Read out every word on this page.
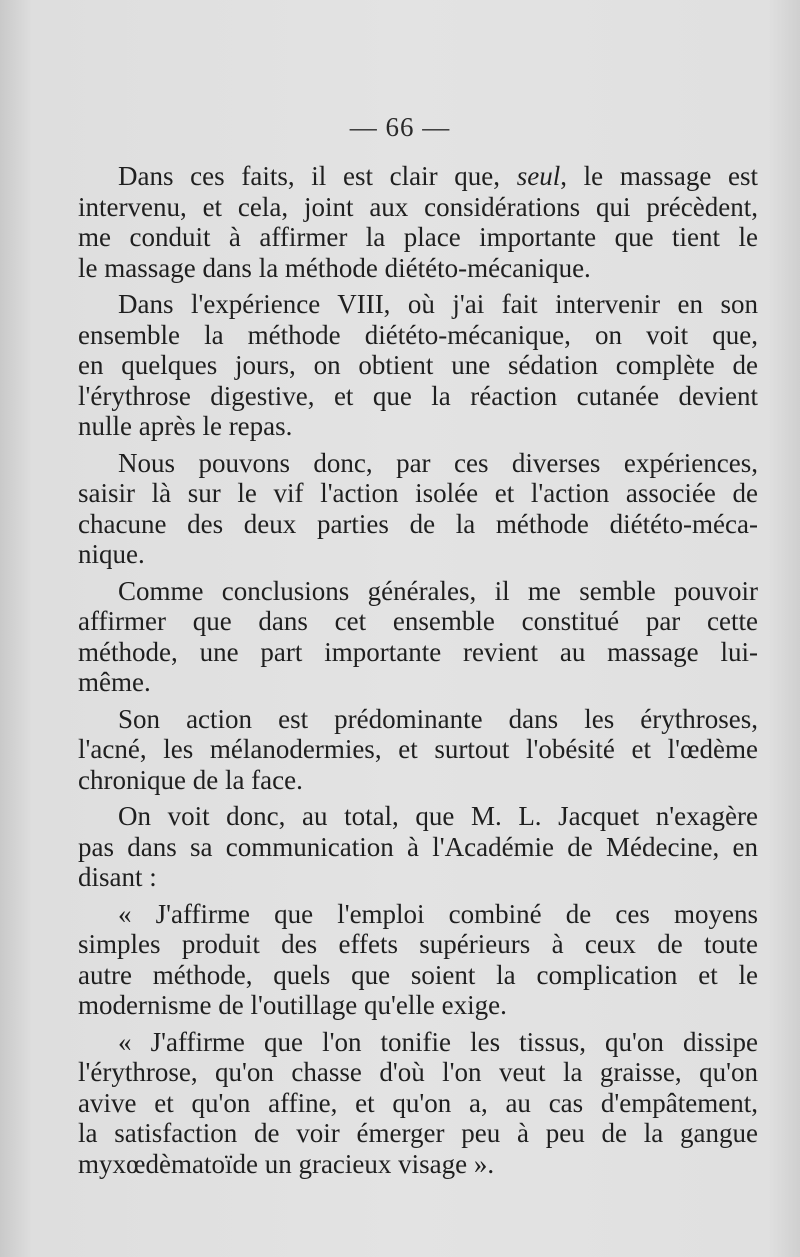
— 66 —
Dans ces faits, il est clair que, seul, le massage est
intervenu, et cela, joint aux considérations qui précèdent,
me conduit à affirmer la place importante que tient le
le massage dans la méthode diététo-mécanique.
Dans l'expérience VIII, où j'ai fait intervenir en son
ensemble la méthode diététo-mécanique, on voit que,
en quelques jours, on obtient une sédation complète de
l'érythrose digestive, et que la réaction cutanée devient
nulle après le repas.
Nous pouvons donc, par ces diverses expériences,
saisir là sur le vif l'action isolée et l'action associée de
chacune des deux parties de la méthode diététo-méca-
nique.
Comme conclusions générales, il me semble pouvoir
affirmer que dans cet ensemble constitué par cette
méthode, une part importante revient au massage lui-
même.
Son action est prédominante dans les érythroses,
l'acné, les mélanodermies, et surtout l'obésité et l'œdème
chronique de la face.
On voit donc, au total, que M. L. Jacquet n'exagère
pas dans sa communication à l'Académie de Médecine, en
disant :
« J'affirme que l'emploi combiné de ces moyens
simples produit des effets supérieurs à ceux de toute
autre méthode, quels que soient la complication et le
modernisme de l'outillage qu'elle exige.
« J'affirme que l'on tonifie les tissus, qu'on dissipe
l'érythrose, qu'on chasse d'où l'on veut la graisse, qu'on
avive et qu'on affine, et qu'on a, au cas d'empâtement,
la satisfaction de voir émerger peu à peu de la gangue
myxœdèmatoïde un gracieux visage ».
